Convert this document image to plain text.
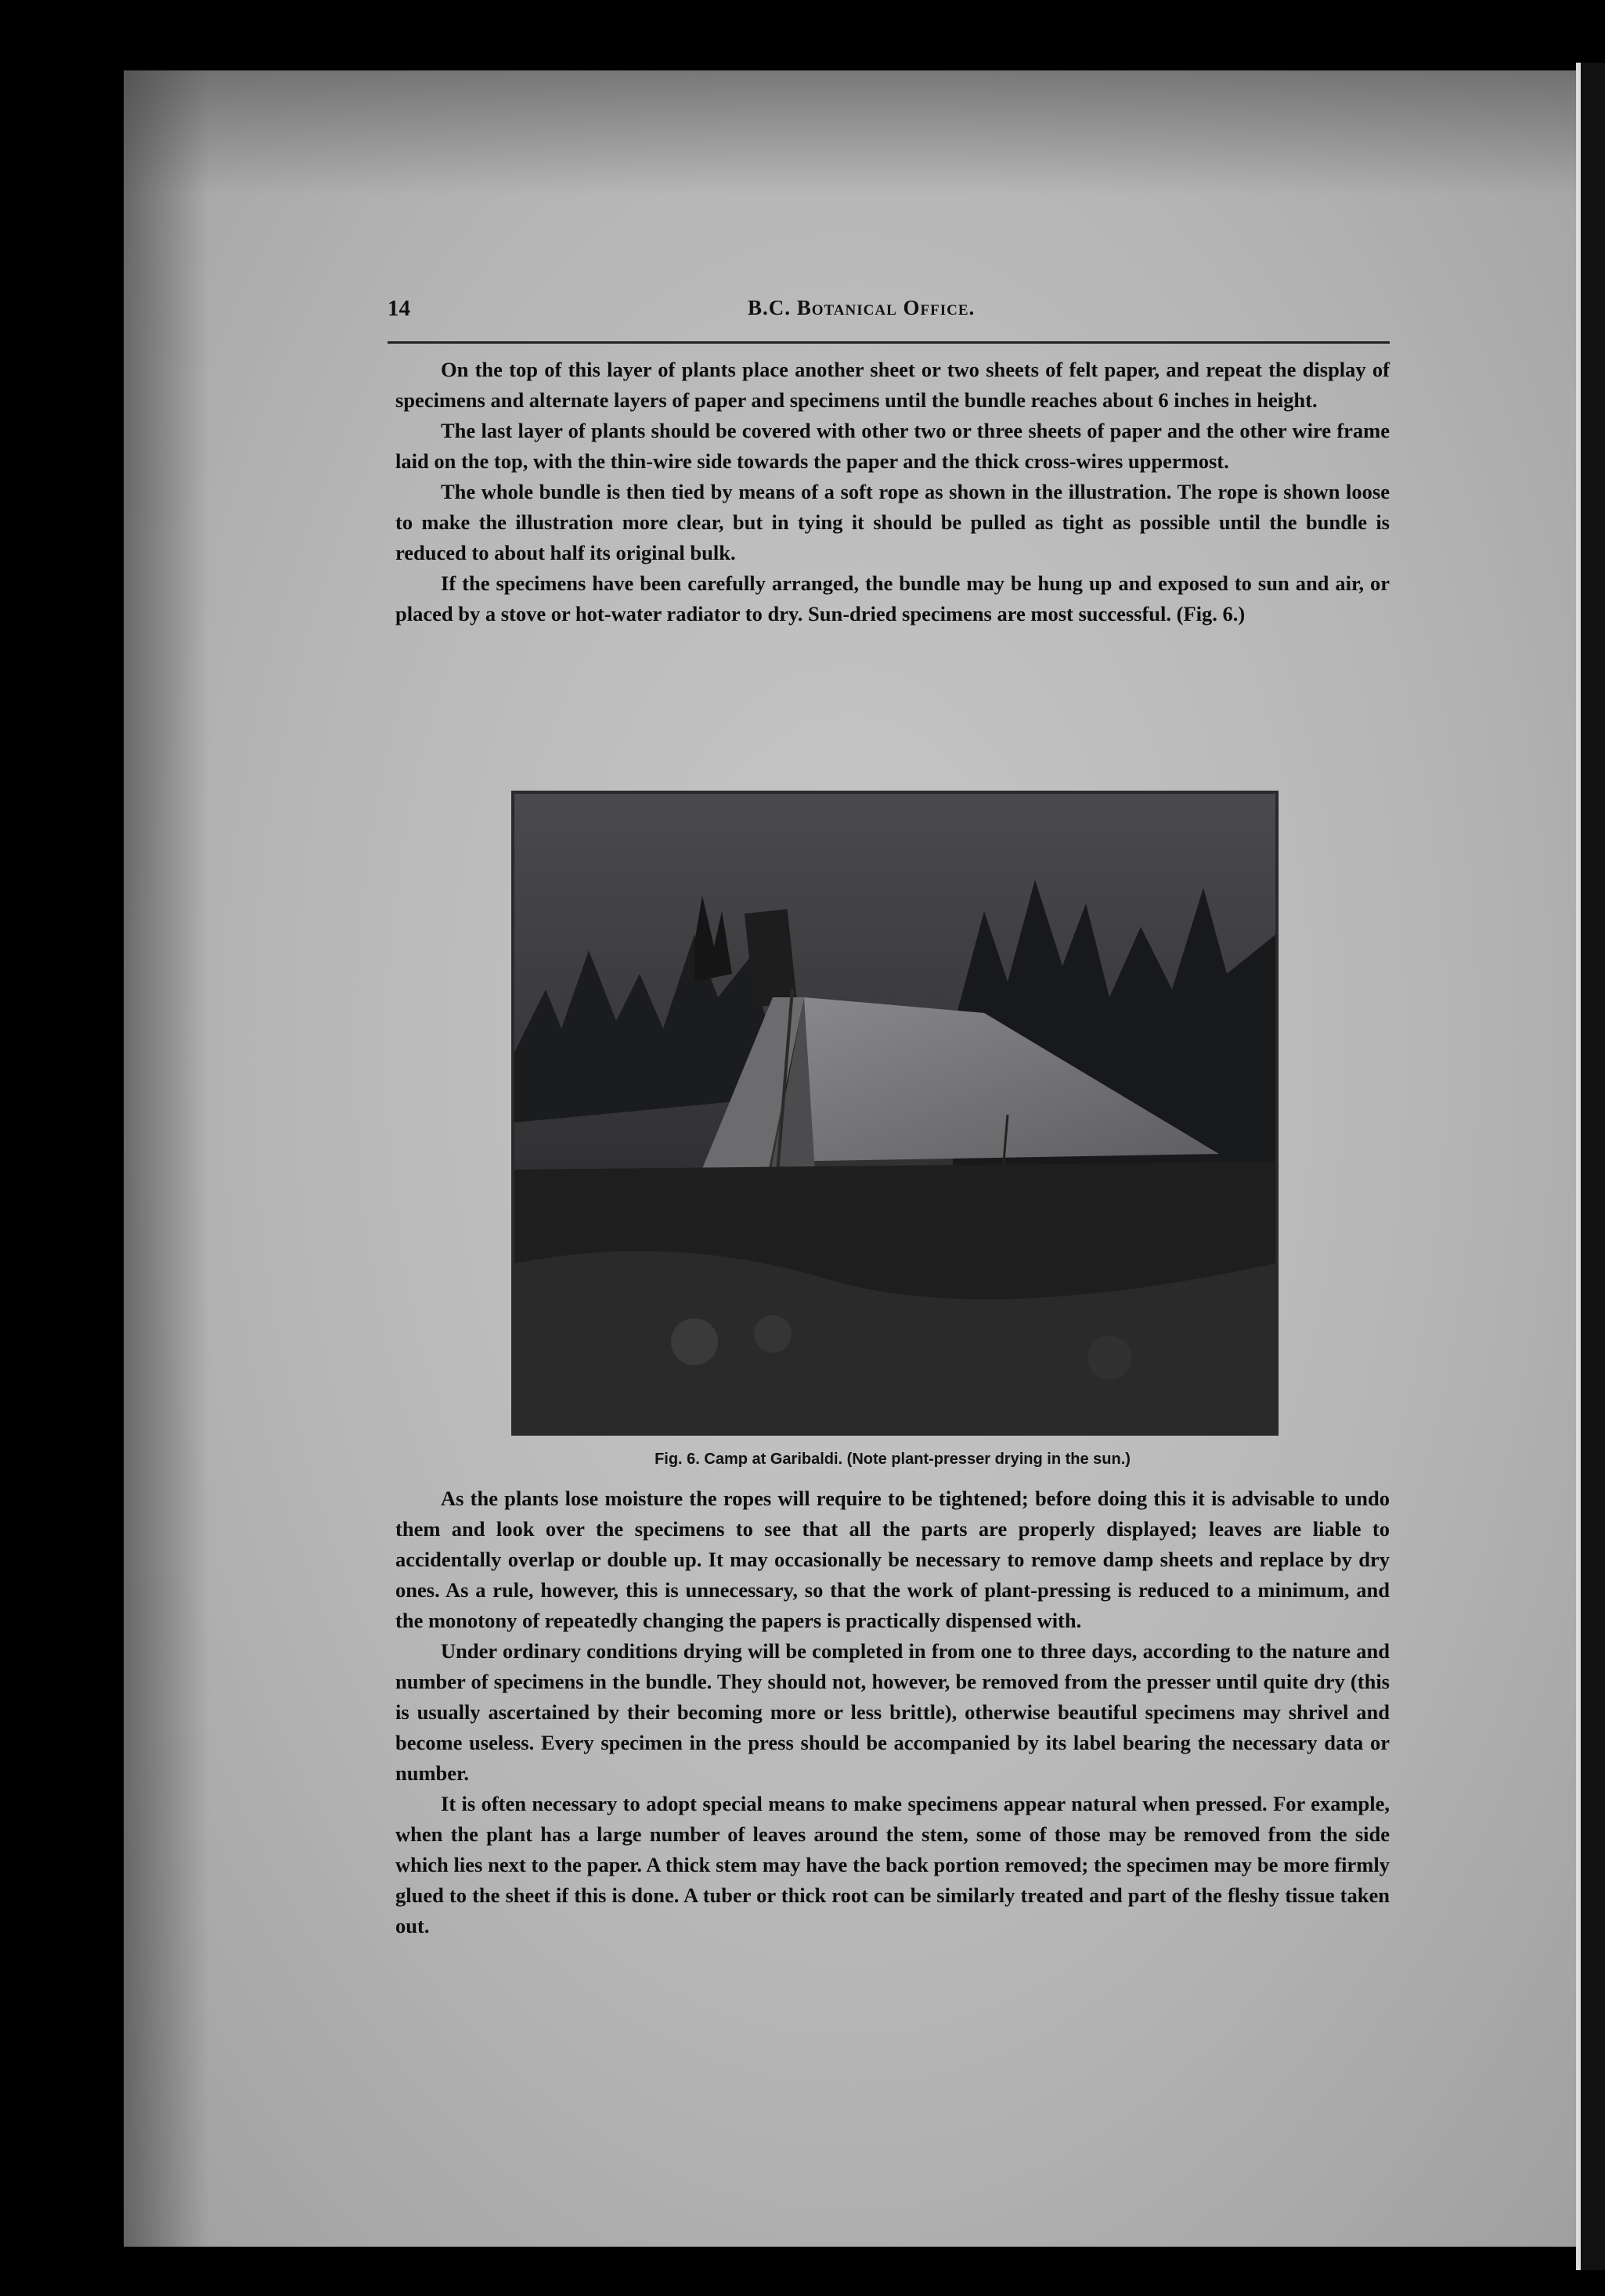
14	B.C. Botanical Office.

On the top of this layer of plants place another sheet or two sheets of felt paper, and repeat the display of specimens and alternate layers of paper and specimens until the bundle reaches about 6 inches in height.

The last layer of plants should be covered with other two or three sheets of paper and the other wire frame laid on the top, with the thin-wire side towards the paper and the thick cross-wires uppermost.

The whole bundle is then tied by means of a soft rope as shown in the illustration. The rope is shown loose to make the illustration more clear, but in tying it should be pulled as tight as possible until the bundle is reduced to about half its original bulk.

If the specimens have been carefully arranged, the bundle may be hung up and exposed to sun and air, or placed by a stove or hot-water radiator to dry. Sun-dried specimens are most successful. (Fig. 6.)

Fig. 6. Camp at Garibaldi. (Note plant-presser drying in the sun.)

As the plants lose moisture the ropes will require to be tightened; before doing this it is advisable to undo them and look over the specimens to see that all the parts are properly displayed; leaves are liable to accidentally overlap or double up. It may occasionally be necessary to remove damp sheets and replace by dry ones. As a rule, however, this is unnecessary, so that the work of plant-pressing is reduced to a minimum, and the monotony of repeatedly changing the papers is practically dispensed with.

Under ordinary conditions drying will be completed in from one to three days, according to the nature and number of specimens in the bundle. They should not, however, be removed from the presser until quite dry (this is usually ascertained by their becoming more or less brittle), otherwise beautiful specimens may shrivel and become useless. Every specimen in the press should be accompanied by its label bearing the necessary data or number.

It is often necessary to adopt special means to make specimens appear natural when pressed. For example, when the plant has a large number of leaves around the stem, some of those may be removed from the side which lies next to the paper. A thick stem may have the back portion removed; the specimen may be more firmly glued to the sheet if this is done. A tuber or thick root can be similarly treated and part of the fleshy tissue taken out.
